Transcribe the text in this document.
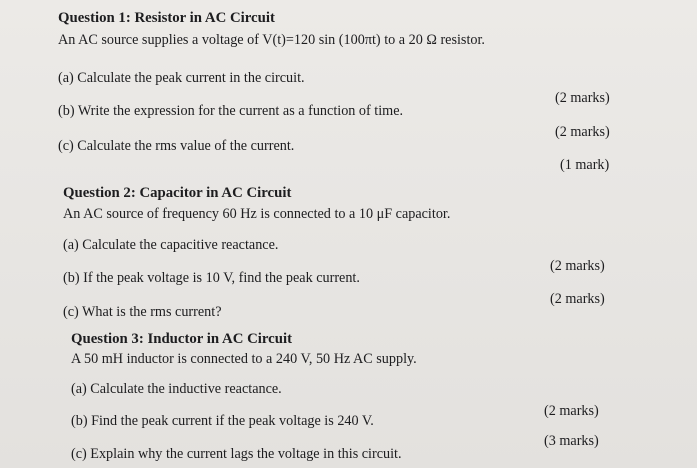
Question 1: Resistor in AC Circuit
An AC source supplies a voltage of V(t)=120 sin (100πt) to a 20 Ω resistor.
(a) Calculate the peak current in the circuit.
(2 marks)
(b) Write the expression for the current as a function of time.
(2 marks)
(c) Calculate the rms value of the current.
(1 mark)
Question 2: Capacitor in AC Circuit
An AC source of frequency 60 Hz is connected to a 10 μF capacitor.
(a) Calculate the capacitive reactance.
(2 marks)
(b) If the peak voltage is 10 V, find the peak current.
(2 marks)
(c) What is the rms current?
Question 3: Inductor in AC Circuit
A 50 mH inductor is connected to a 240 V, 50 Hz AC supply.
(a) Calculate the inductive reactance.
(2 marks)
(b) Find the peak current if the peak voltage is 240 V.
(3 marks)
(c) Explain why the current lags the voltage in this circuit.
